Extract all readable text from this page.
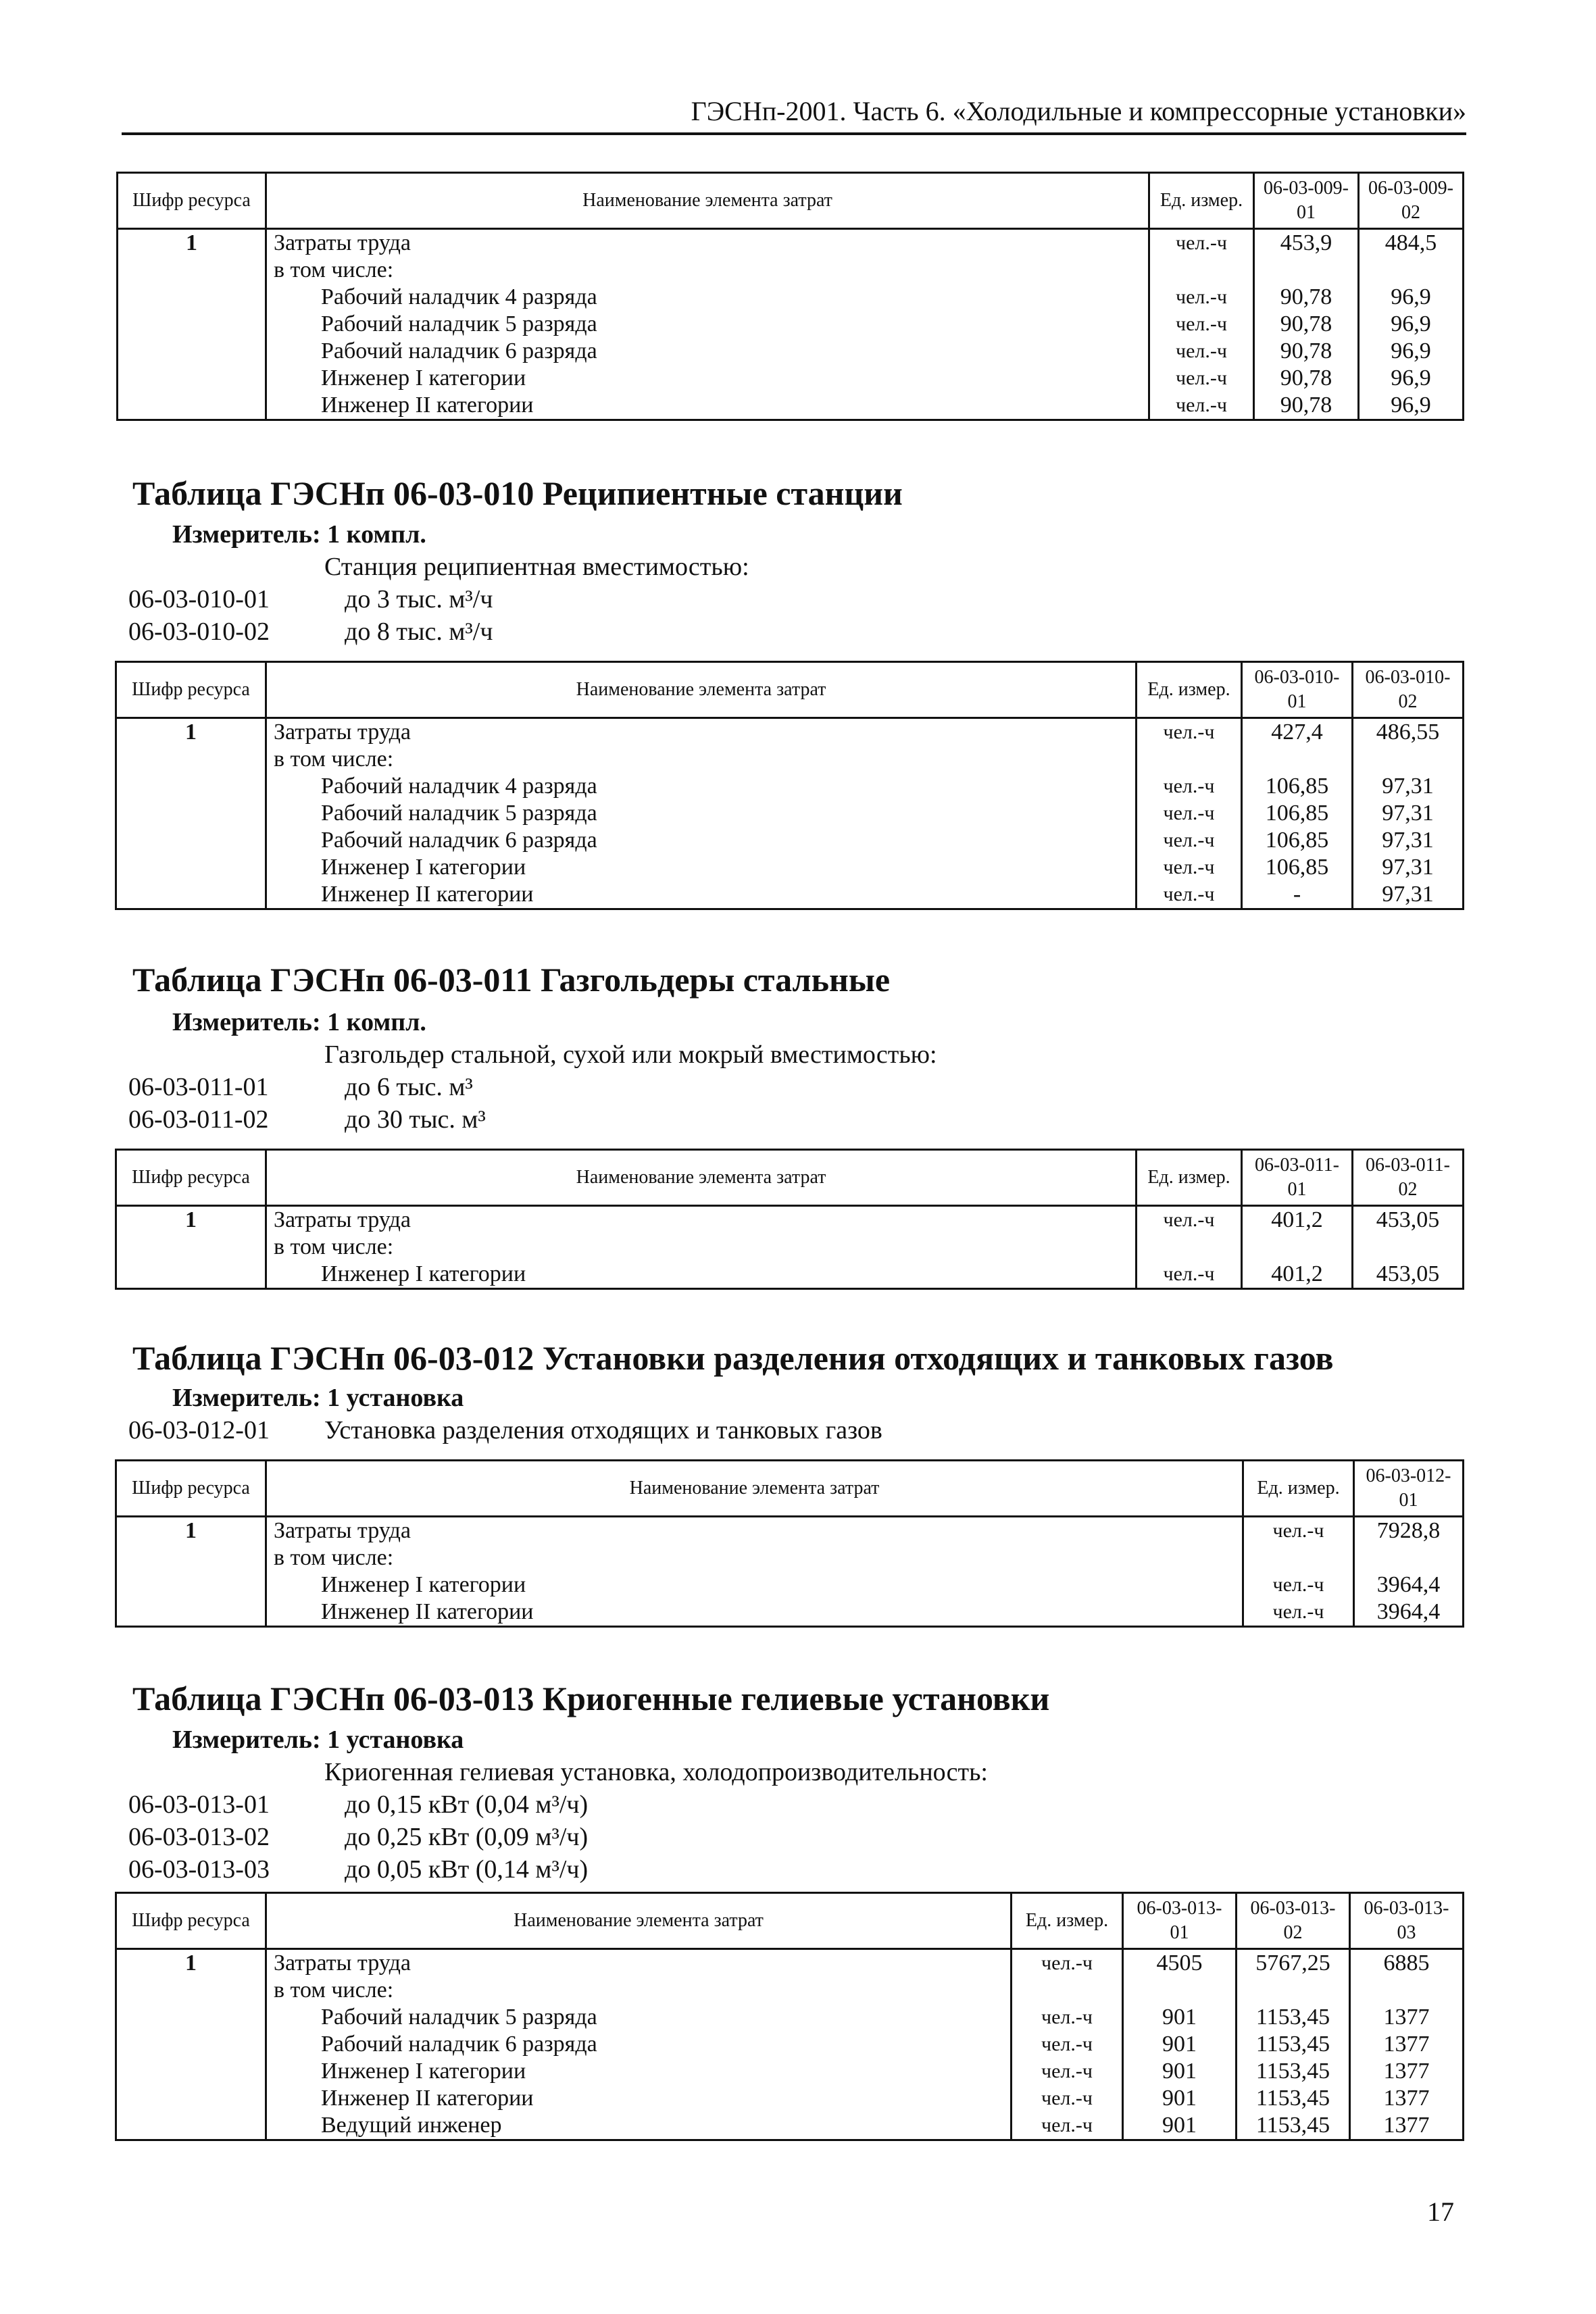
ГЭСНп-2001. Часть 6. «Холодильные и компрессорные установки»
Шифр ресурса	Наименование элемента затрат	Ед. измер.	06-03-009-01	06-03-009-02
1	Затраты труда	чел.-ч	453,9	484,5
	в том числе:			
	Рабочий наладчик 4 разряда	чел.-ч	90,78	96,9
	Рабочий наладчик 5 разряда	чел.-ч	90,78	96,9
	Рабочий наладчик 6 разряда	чел.-ч	90,78	96,9
	Инженер I категории	чел.-ч	90,78	96,9
	Инженер II категории	чел.-ч	90,78	96,9
Таблица ГЭСНп 06-03-010 Реципиентные станции
Измеритель: 1 компл.
Станция реципиентная вместимостью:
06-03-010-01	до 3 тыс. м³/ч
06-03-010-02	до 8 тыс. м³/ч
Шифр ресурса	Наименование элемента затрат	Ед. измер.	06-03-010-01	06-03-010-02
1	Затраты труда	чел.-ч	427,4	486,55
	в том числе:			
	Рабочий наладчик 4 разряда	чел.-ч	106,85	97,31
	Рабочий наладчик 5 разряда	чел.-ч	106,85	97,31
	Рабочий наладчик 6 разряда	чел.-ч	106,85	97,31
	Инженер I категории	чел.-ч	106,85	97,31
	Инженер II категории	чел.-ч	-	97,31
Таблица ГЭСНп 06-03-011 Газгольдеры стальные
Измеритель: 1 компл.
Газгольдер стальной, сухой или мокрый вместимостью:
06-03-011-01	до 6 тыс. м³
06-03-011-02	до 30 тыс. м³
Шифр ресурса	Наименование элемента затрат	Ед. измер.	06-03-011-01	06-03-011-02
1	Затраты труда	чел.-ч	401,2	453,05
	в том числе:			
	Инженер I категории	чел.-ч	401,2	453,05
Таблица ГЭСНп 06-03-012 Установки разделения отходящих и танковых газов
Измеритель: 1 установка
06-03-012-01 Установка разделения отходящих и танковых газов
Шифр ресурса	Наименование элемента затрат	Ед. измер.	06-03-012-01
1	Затраты труда	чел.-ч	7928,8
	в том числе:		
	Инженер I категории	чел.-ч	3964,4
	Инженер II категории	чел.-ч	3964,4
Таблица ГЭСНп 06-03-013 Криогенные гелиевые установки
Измеритель: 1 установка
Криогенная гелиевая установка, холодопроизводительность:
06-03-013-01	до 0,15 кВт (0,04 м³/ч)
06-03-013-02	до 0,25 кВт (0,09 м³/ч)
06-03-013-03	до 0,05 кВт (0,14 м³/ч)
Шифр ресурса	Наименование элемента затрат	Ед. измер.	06-03-013-01	06-03-013-02	06-03-013-03
1	Затраты труда	чел.-ч	4505	5767,25	6885
	в том числе:				
	Рабочий наладчик 5 разряда	чел.-ч	901	1153,45	1377
	Рабочий наладчик 6 разряда	чел.-ч	901	1153,45	1377
	Инженер I категории	чел.-ч	901	1153,45	1377
	Инженер II категории	чел.-ч	901	1153,45	1377
	Ведущий инженер	чел.-ч	901	1153,45	1377
17
